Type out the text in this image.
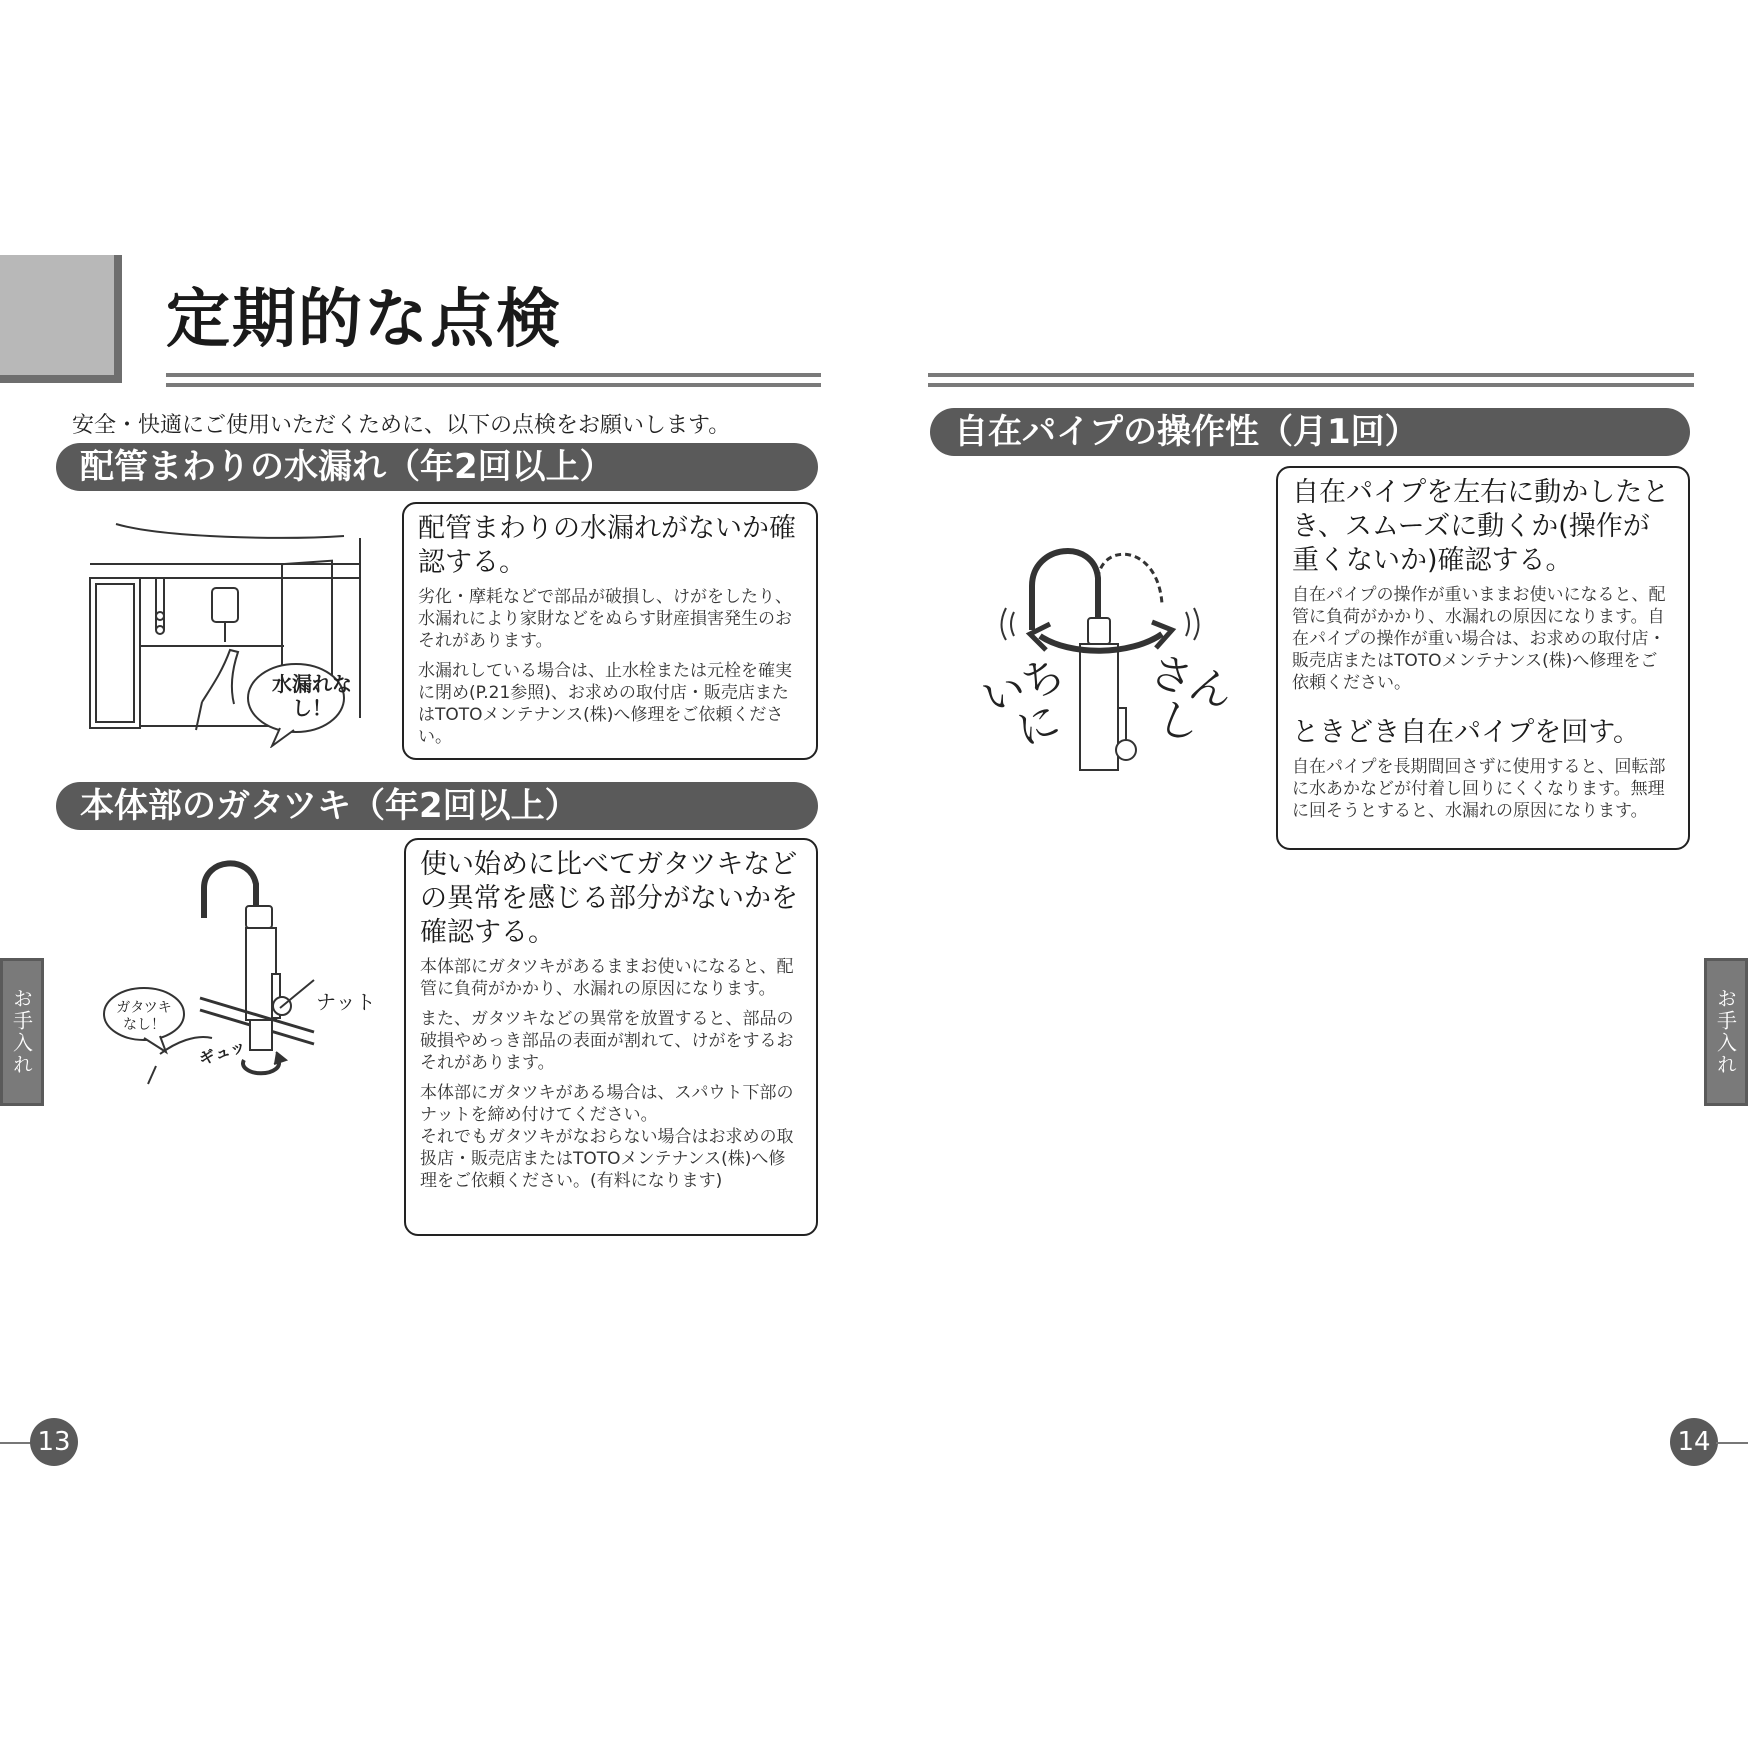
定期的な点検
安全・快適にご使用いただくために、以下の点検をお願いします。
配管まわりの水漏れ（年2回以上）
水漏れなし！
配管まわりの水漏れがないか確認する。
劣化・摩耗などで部品が破損し、けがをしたり、水漏れにより家財などをぬらす財産損害発生のおそれがあります。
水漏れしている場合は、止水栓または元栓を確実に閉め(P.21参照)、お求めの取付店・販売店またはTOTOメンテナンス(株)へ修理をご依頼ください。
本体部のガタツキ（年2回以上）
ガタツキなし！
ナット
ギュッ
使い始めに比べてガタツキなどの異常を感じる部分がないかを確認する。
本体部にガタツキがあるままお使いになると、配管に負荷がかかり、水漏れの原因になります。
また、ガタツキなどの異常を放置すると、部品の破損やめっき部品の表面が割れて、けがをするおそれがあります。
本体部にガタツキがある場合は、スパウト下部のナットを締め付けてください。
それでもガタツキがなおらない場合はお求めの取扱店・販売店またはTOTOメンテナンス(株)へ修理をご依頼ください。(有料になります)
お手入れ
13
自在パイプの操作性（月1回）
いちに
さんし
自在パイプを左右に動かしたとき、スムーズに動くか(操作が重くないか)確認する。
自在パイプの操作が重いままお使いになると、配管に負荷がかかり、水漏れの原因になります。自在パイプの操作が重い場合は、お求めの取付店・販売店またはTOTOメンテナンス(株)へ修理をご依頼ください。
ときどき自在パイプを回す。
自在パイプを長期間回さずに使用すると、回転部に水あかなどが付着し回りにくくなります。無理に回そうとすると、水漏れの原因になります。
お手入れ
14
